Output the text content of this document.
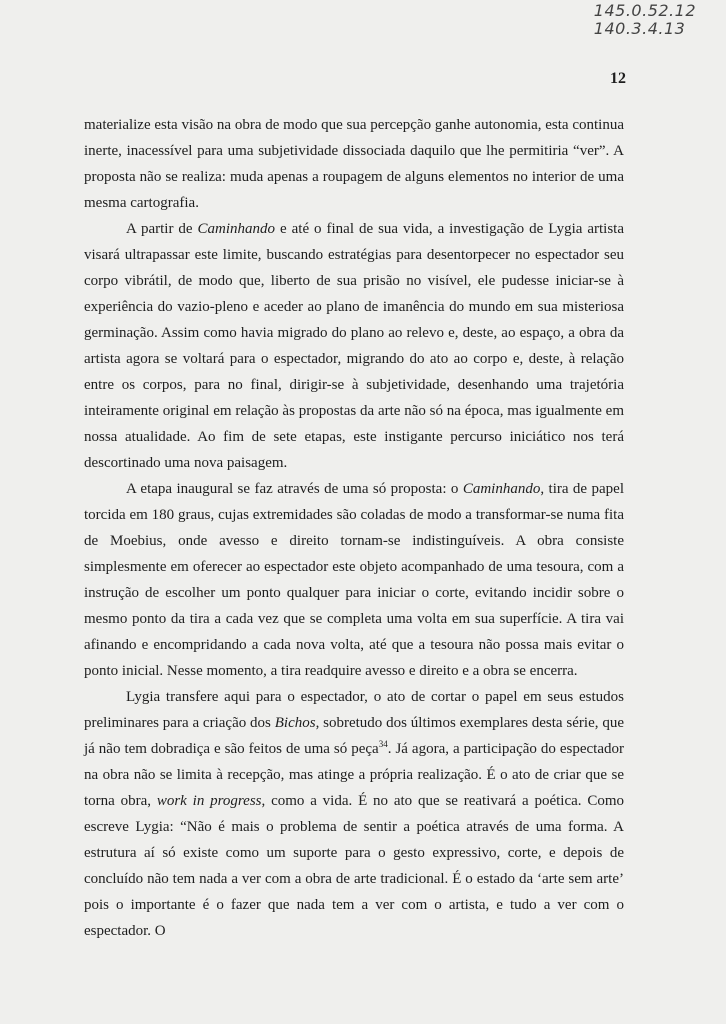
145.0.52.12
140.3.4.13
12

materialize esta visão na obra de modo que sua percepção ganhe autonomia, esta continua inerte, inacessível para uma subjetividade dissociada daquilo que lhe permitiria “ver”. A proposta não se realiza: muda apenas a roupagem de alguns elementos no interior de uma mesma cartografia.

A partir de Caminhando e até o final de sua vida, a investigação de Lygia artista visará ultrapassar este limite, buscando estratégias para desentorpecer no espectador seu corpo vibrátil, de modo que, liberto de sua prisão no visível, ele pudesse iniciar-se à experiência do vazio-pleno e aceder ao plano de imanência do mundo em sua misteriosa germinação. Assim como havia migrado do plano ao relevo e, deste, ao espaço, a obra da artista agora se voltará para o espectador, migrando do ato ao corpo e, deste, à relação entre os corpos, para no final, dirigir-se à subjetividade, desenhando uma trajetória inteiramente original em relação às propostas da arte não só na época, mas igualmente em nossa atualidade. Ao fim de sete etapas, este instigante percurso iniciático nos terá descortinado uma nova paisagem.

A etapa inaugural se faz através de uma só proposta: o Caminhando, tira de papel torcida em 180 graus, cujas extremidades são coladas de modo a transformar-se numa fita de Moebius, onde avesso e direito tornam-se indistinguíveis. A obra consiste simplesmente em oferecer ao espectador este objeto acompanhado de uma tesoura, com a instrução de escolher um ponto qualquer para iniciar o corte, evitando incidir sobre o mesmo ponto da tira a cada vez que se completa uma volta em sua superfície. A tira vai afinando e encompridando a cada nova volta, até que a tesoura não possa mais evitar o ponto inicial. Nesse momento, a tira readquire avesso e direito e a obra se encerra.

Lygia transfere aqui para o espectador, o ato de cortar o papel em seus estudos preliminares para a criação dos Bichos, sobretudo dos últimos exemplares desta série, que já não tem dobradiça e são feitos de uma só peça$^{34}$. Já agora, a participação do espectador na obra não se limita à recepção, mas atinge a própria realização. É o ato de criar que se torna obra, work in progress, como a vida. É no ato que se reativará a poética. Como escreve Lygia: “Não é mais o problema de sentir a poética através de uma forma. A estrutura aí só existe como um suporte para o gesto expressivo, corte, e depois de concluído não tem nada a ver com a obra de arte tradicional. É o estado da ‘arte sem arte’ pois o importante é o fazer que nada tem a ver com o artista, e tudo a ver com o espectador. O
